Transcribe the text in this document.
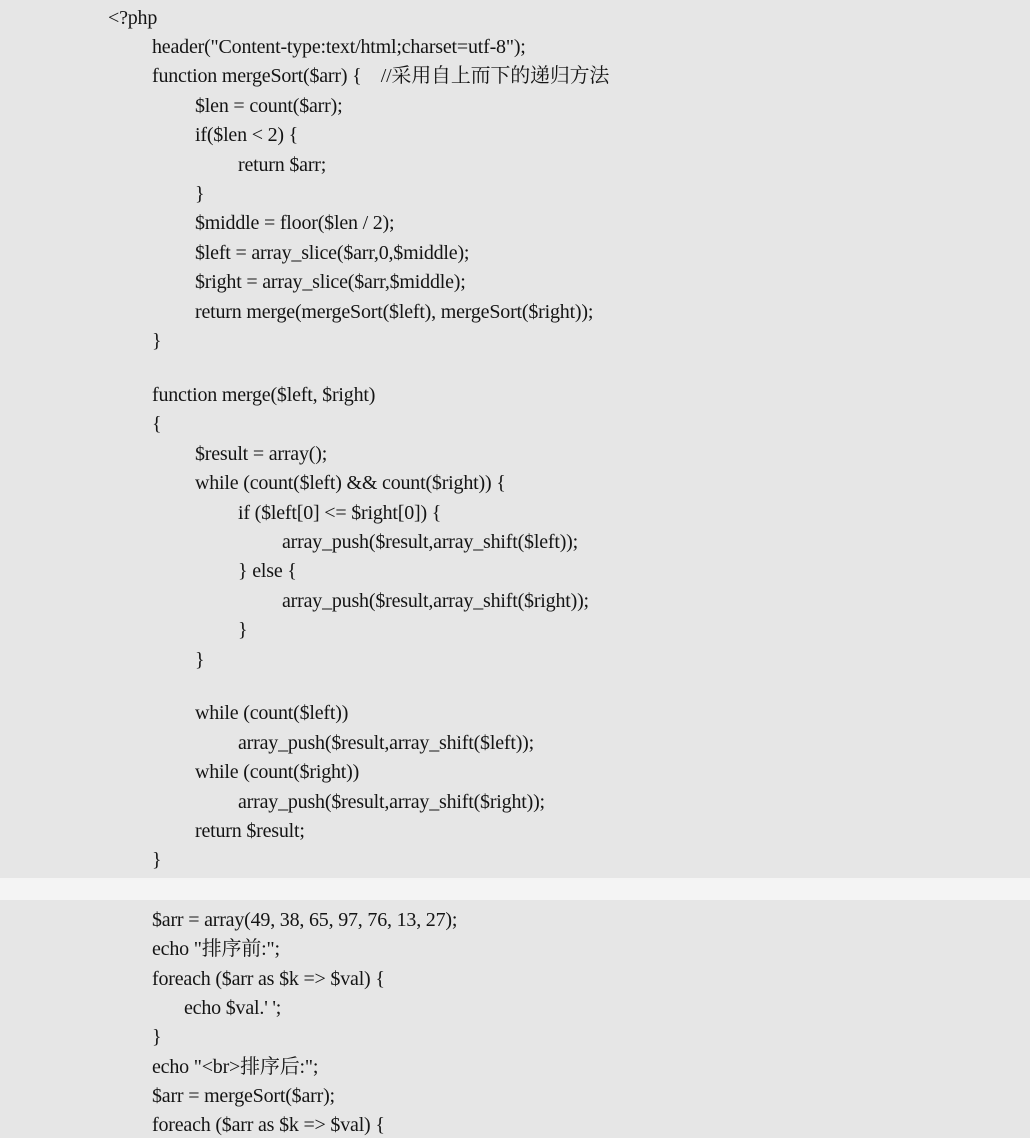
<?php
header("Content-type:text/html;charset=utf-8");
function mergeSort($arr) {    //采用自上而下的递归方法
$len = count($arr);
if($len < 2) {
return $arr;
}
$middle = floor($len / 2);
$left = array_slice($arr,0,$middle);
$right = array_slice($arr,$middle);
return merge(mergeSort($left), mergeSort($right));
}
function merge($left, $right)
{
$result = array();
while (count($left) && count($right)) {
if ($left[0] <= $right[0]) {
array_push($result,array_shift($left));
} else {
array_push($result,array_shift($right));
}
}
while (count($left))
array_push($result,array_shift($left));
while (count($right))
array_push($result,array_shift($right));
return $result;
}
$arr = array(49, 38, 65, 97, 76, 13, 27);
echo "排序前:";
foreach ($arr as $k => $val) {
echo $val.' ';
}
echo "<br>排序后:";
$arr = mergeSort($arr);
foreach ($arr as $k => $val) {
